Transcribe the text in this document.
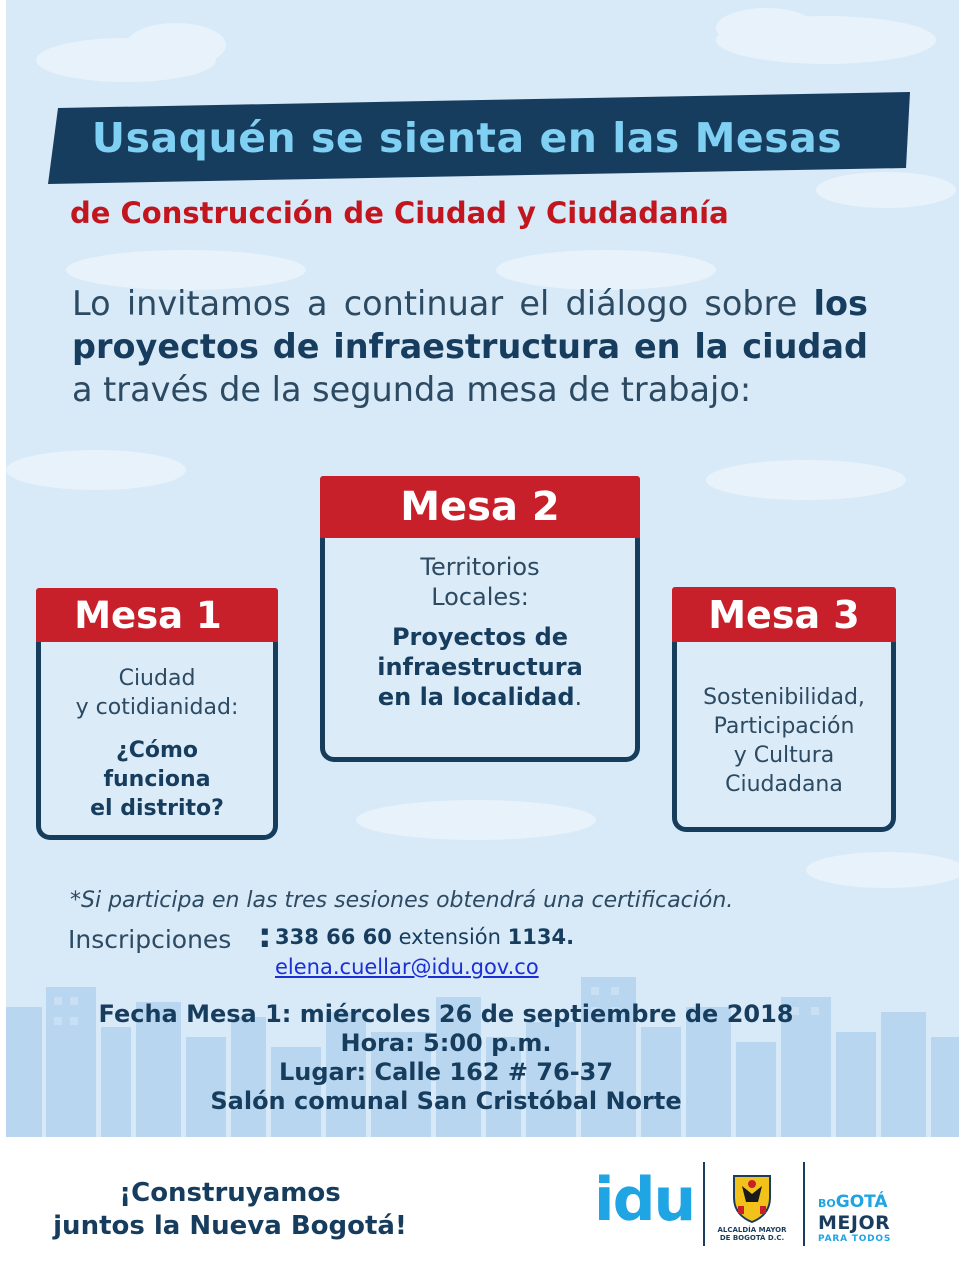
Usaquén se sienta en las Mesas
de Construcción de Ciudad y Ciudadanía
Lo invitamos a continuar el diálogo sobre los proyectos de infraestructura en la ciudad a través de la segunda mesa de trabajo:
Mesa 1
Ciudad
y cotidianidad:
¿Cómo
funciona
el distrito?
Mesa 2
Territorios
Locales:
Proyectos de
infraestructura
en la localidad.
Mesa 3
Sostenibilidad,
Participación
y Cultura
Ciudadana
*Si participa en las tres sesiones obtendrá una certificación.
Inscripciones : 338 66 60 extensión 1134.
elena.cuellar@idu.gov.co
Fecha Mesa 1: miércoles 26 de septiembre de 2018
Hora: 5:00 p.m.
Lugar: Calle 162 # 76-37
Salón comunal San Cristóbal Norte
¡Construyamos
juntos la Nueva Bogotá!	idu	ALCALDÍA MAYOR
DE BOGOTÁ D.C.
BOGOTÁ
MEJOR
PARA TODOS
